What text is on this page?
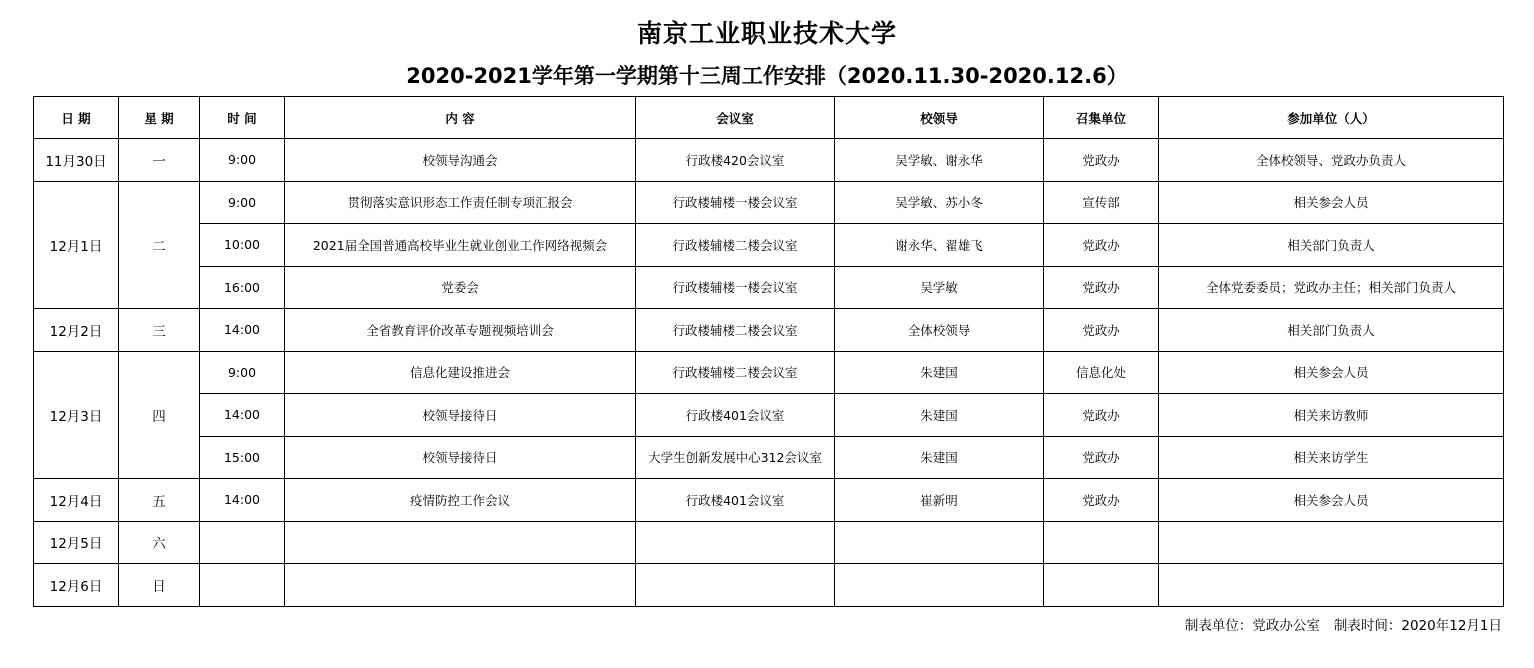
南京工业职业技术大学
2020-2021学年第一学期第十三周工作安排（2020.11.30-2020.12.6）
日 期	星 期	时 间	内 容	会议室	校领导	召集单位	参加单位（人）
11月30日	一	9:00	校领导沟通会	行政楼420会议室	吴学敏、谢永华	党政办	全体校领导、党政办负责人
12月1日	二	9:00	贯彻落实意识形态工作责任制专项汇报会	行政楼辅楼一楼会议室	吴学敏、苏小冬	宣传部	相关参会人员
		10:00	2021届全国普通高校毕业生就业创业工作网络视频会	行政楼辅楼二楼会议室	谢永华、翟雄飞	党政办	相关部门负责人
		16:00	党委会	行政楼辅楼一楼会议室	吴学敏	党政办	全体党委委员；党政办主任；相关部门负责人
12月2日	三	14:00	全省教育评价改革专题视频培训会	行政楼辅楼二楼会议室	全体校领导	党政办	相关部门负责人
12月3日	四	9:00	信息化建设推进会	行政楼辅楼二楼会议室	朱建国	信息化处	相关参会人员
		14:00	校领导接待日	行政楼401会议室	朱建国	党政办	相关来访教师
		15:00	校领导接待日	大学生创新发展中心312会议室	朱建国	党政办	相关来访学生
12月4日	五	14:00	疫情防控工作会议	行政楼401会议室	崔新明	党政办	相关参会人员
12月5日	六						
12月6日	日						
制表单位：党政办公室 制表时间：2020年12月1日
